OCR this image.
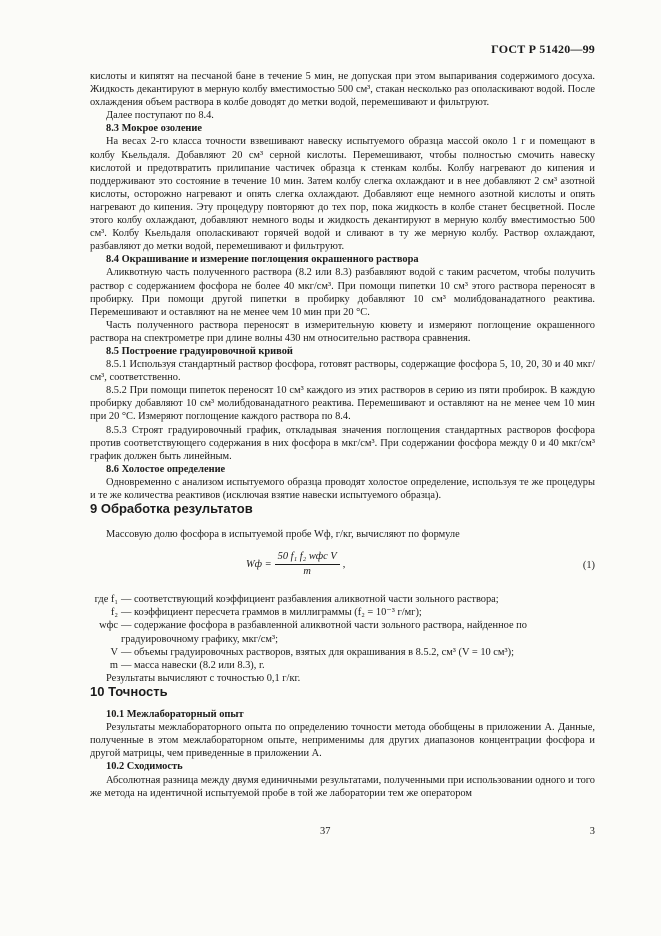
ГОСТ Р 51420—99

кислоты и кипятят на песчаной бане в течение 5 мин, не допуская при этом выпаривания содержимого досуха. Жидкость декантируют в мерную колбу вместимостью 500 см³, стакан несколько раз ополаскивают водой. После охлаждения объем раствора в колбе доводят до метки водой, перемешивают и фильтруют.

Далее поступают по 8.4.

8.3 Мокрое озоление

На весах 2-го класса точности взвешивают навеску испытуемого образца массой около 1 г и помещают в колбу Кьельдаля. Добавляют 20 см³ серной кислоты. Перемешивают, чтобы полностью смочить навеску кислотой и предотвратить прилипание частичек образца к стенкам колбы. Колбу нагревают до кипения и поддерживают это состояние в течение 10 мин. Затем колбу слегка охлаждают и в нее добавляют 2 см³ азотной кислоты, осторожно нагревают и опять слегка охлаждают. Добавляют еще немного азотной кислоты и опять нагревают до кипения. Эту процедуру повторяют до тех пор, пока жидкость в колбе станет бесцветной. После этого колбу охлаждают, добавляют немного воды и жидкость декантируют в мерную колбу вместимостью 500 см³. Колбу Кьельдаля ополаскивают горячей водой и сливают в ту же мерную колбу. Раствор охлаждают, разбавляют до метки водой, перемешивают и фильтруют.

8.4 Окрашивание и измерение поглощения окрашенного раствора

Аликвотную часть полученного раствора (8.2 или 8.3) разбавляют водой с таким расчетом, чтобы получить раствор с содержанием фосфора не более 40 мкг/см³. При помощи пипетки 10 см³ этого раствора переносят в пробирку. При помощи другой пипетки в пробирку добавляют 10 см³ молибдованадатного реактива. Перемешивают и оставляют на не менее чем 10 мин при 20 °С.

Часть полученного раствора переносят в измерительную кювету и измеряют поглощение окрашенного раствора на спектрометре при длине волны 430 нм относительно раствора сравнения.

8.5 Построение градуировочной кривой

8.5.1 Используя стандартный раствор фосфора, готовят растворы, содержащие фосфора 5, 10, 20, 30 и 40 мкг/см³, соответственно.

8.5.2 При помощи пипеток переносят 10 см³ каждого из этих растворов в серию из пяти пробирок. В каждую пробирку добавляют 10 см³ молибдованадатного реактива. Перемешивают и оставляют на не менее чем 10 мин при 20 °С. Измеряют поглощение каждого раствора по 8.4.

8.5.3 Строят градуировочный график, откладывая значения поглощения стандартных растворов фосфора против соответствующего содержания в них фосфора в мкг/см³. При содержании фосфора между 0 и 40 мкг/см³ график должен быть линейным.

8.6 Холостое определение

Одновременно с анализом испытуемого образца проводят холостое определение, используя те же процедуры и те же количества реактивов (исключая взятие навески испытуемого образца).

9 Обработка результатов

Массовую долю фосфора в испытуемой пробе Wф, г/кг, вычисляют по формуле

Wф = $\frac{\text{50 f₁ f₂ wфс V}}{m}$ ,	(1)
где f₁ — соответствующий коэффициент разбавления аликвотной части зольного раствора;
f₂ — коэффициент пересчета граммов в миллиграммы (f₂ = 10⁻³ г/мг);
wфс — содержание фосфора в разбавленной аликвотной части зольного раствора, найденное по градуировочному графику, мкг/см³;
V — объемы градуировочных растворов, взятых для окрашивания в 8.5.2, см³ (V = 10 см³);
m — масса навески (8.2 или 8.3), г.

Результаты вычисляют с точностью 0,1 г/кг.

10 Точность

10.1 Межлабораторный опыт

Результаты межлабораторного опыта по определению точности метода обобщены в приложении А. Данные, полученные в этом межлабораторном опыте, неприменимы для других диапазонов концентрации фосфора и другой матрицы, чем приведенные в приложении А.

10.2 Сходимость

Абсолютная разница между двумя единичными результатами, полученными при использовании одного и того же метода на идентичной испытуемой пробе в той же лаборатории тем же оператором

37	3
